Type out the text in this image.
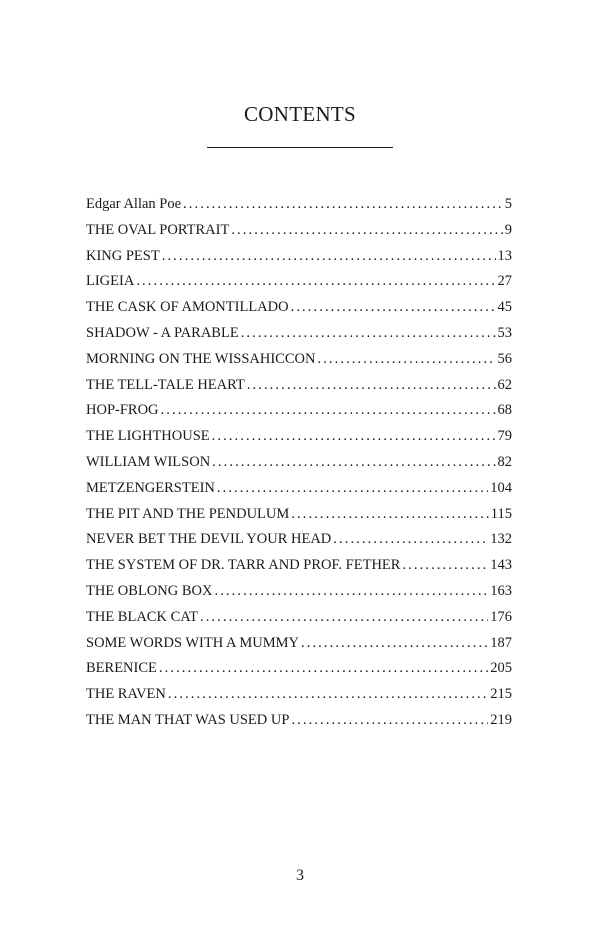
CONTENTS
Edgar Allan Poe .....	5
THE OVAL PORTRAIT .....	9
KING PEST .....	13
LIGEIA .....	27
THE CASK OF AMONTILLADO .....	45
SHADOW - A PARABLE .....	53
MORNING ON THE WISSAHICCON .....	56
THE TELL-TALE HEART .....	62
HOP-FROG .....	68
THE LIGHTHOUSE .....	79
WILLIAM WILSON .....	82
METZENGERSTEIN .....	104
THE PIT AND THE PENDULUM .....	115
NEVER BET THE DEVIL YOUR HEAD .....	132
THE SYSTEM OF DR. TARR AND PROF. FETHER .....	143
THE OBLONG BOX .....	163
THE BLACK CAT .....	176
SOME WORDS WITH A MUMMY .....	187
BERENICE .....	205
THE RAVEN .....	215
THE MAN THAT WAS USED UP .....	219
3
